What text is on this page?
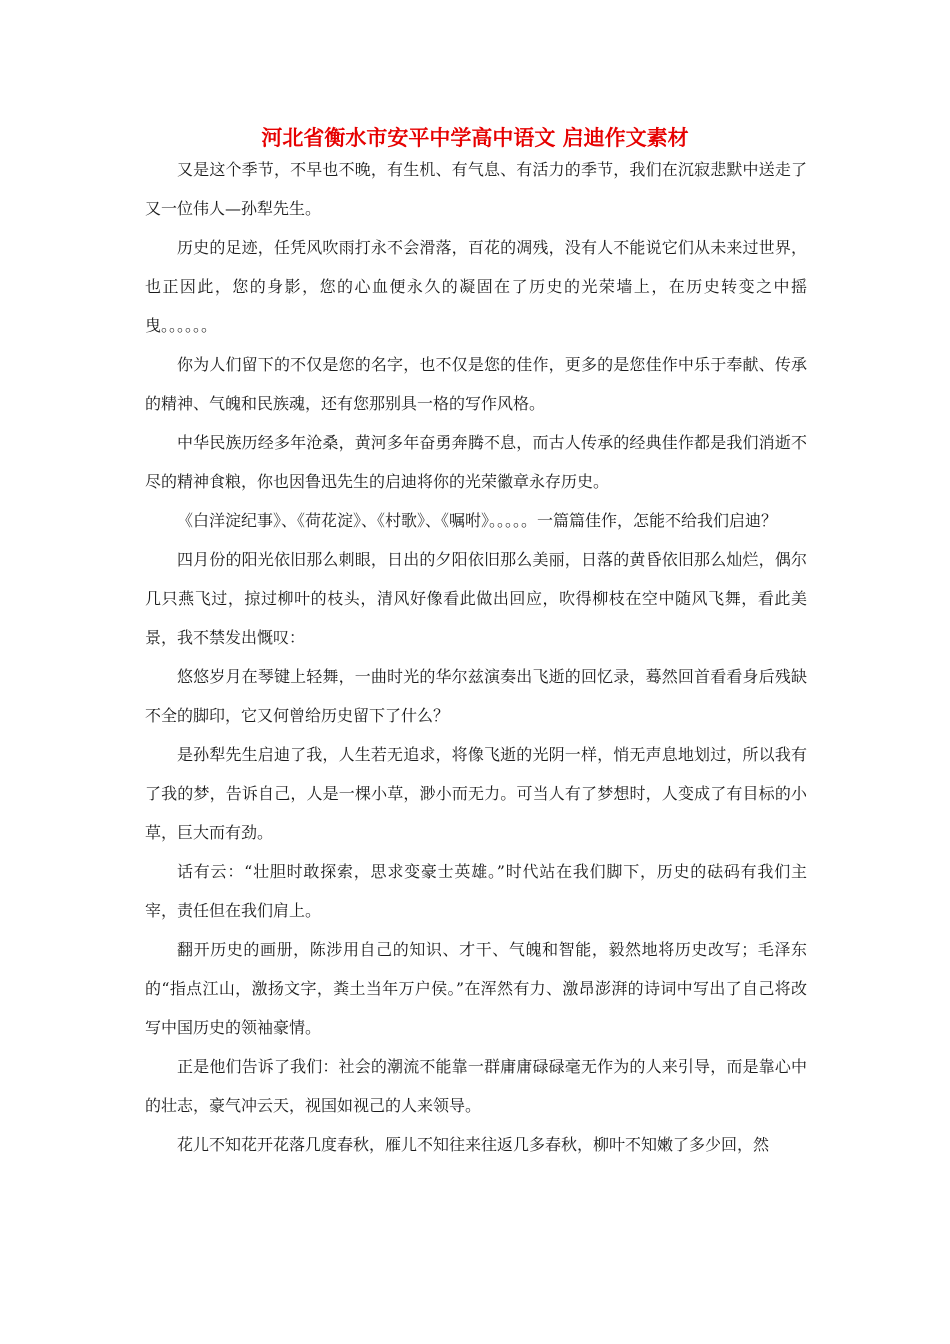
河北省衡水市安平中学高中语文 启迪作文素材

又是这个季节，不早也不晚，有生机、有气息、有活力的季节，我们在沉寂悲默中送走了又一位伟人—孙犁先生。

历史的足迹，任凭风吹雨打永不会滑落，百花的凋残，没有人不能说它们从未来过世界，也正因此，您的身影，您的心血便永久的凝固在了历史的光荣墙上，在历史转变之中摇曳。。。。。。

你为人们留下的不仅是您的名字，也不仅是您的佳作，更多的是您佳作中乐于奉献、传承的精神、气魄和民族魂，还有您那别具一格的写作风格。

中华民族历经多年沧桑，黄河多年奋勇奔腾不息，而古人传承的经典佳作都是我们消逝不尽的精神食粮，你也因鲁迅先生的启迪将你的光荣徽章永存历史。

《白洋淀纪事》、《荷花淀》、《村歌》、《嘱咐》。。。。。一篇篇佳作，怎能不给我们启迪？

四月份的阳光依旧那么刺眼，日出的夕阳依旧那么美丽，日落的黄昏依旧那么灿烂，偶尔几只燕飞过，掠过柳叶的枝头，清风好像看此做出回应，吹得柳枝在空中随风飞舞，看此美景，我不禁发出慨叹：

悠悠岁月在琴键上轻舞，一曲时光的华尔兹演奏出飞逝的回忆录，蓦然回首看看身后残缺不全的脚印，它又何曾给历史留下了什么？

是孙犁先生启迪了我，人生若无追求，将像飞逝的光阴一样，悄无声息地划过，所以我有了我的梦，告诉自己，人是一棵小草，渺小而无力。可当人有了梦想时，人变成了有目标的小草，巨大而有劲。

话有云：“壮胆时敢探索，思求变豪士英雄。”时代站在我们脚下，历史的砝码有我们主宰，责任但在我们肩上。

翻开历史的画册，陈涉用自己的知识、才干、气魄和智能，毅然地将历史改写；毛泽东的“指点江山，激扬文字，粪土当年万户侯。”在浑然有力、激昂澎湃的诗词中写出了自己将改写中国历史的领袖豪情。

正是他们告诉了我们：社会的潮流不能靠一群庸庸碌碌毫无作为的人来引导，而是靠心中的壮志，豪气冲云天，视国如视己的人来领导。

花儿不知花开花落几度春秋，雁儿不知往来往返几多春秋，柳叶不知嫩了多少回，然
